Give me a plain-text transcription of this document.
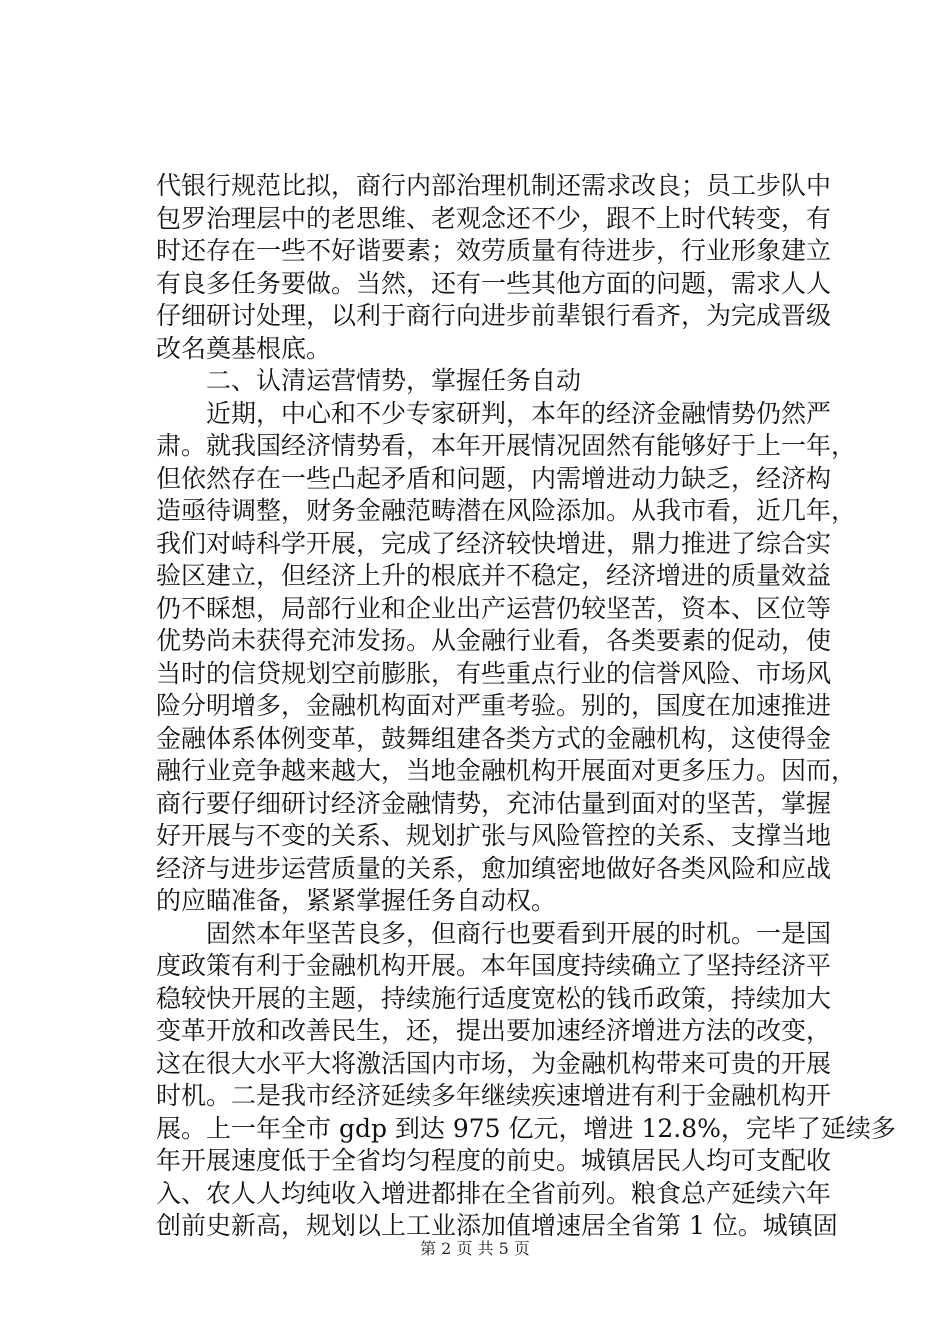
代银行规范比拟，商行内部治理机制还需求改良；员工步队中
包罗治理层中的老思维、老观念还不少，跟不上时代转变，有
时还存在一些不好谐要素；效劳质量有待进步，行业形象建立
有良多任务要做。当然，还有一些其他方面的问题，需求人人
仔细研讨处理，以利于商行向进步前辈银行看齐，为完成晋级
改名奠基根底。
　　二、认清运营情势，掌握任务自动
　　近期，中心和不少专家研判，本年的经济金融情势仍然严
肃。就我国经济情势看，本年开展情况固然有能够好于上一年，
但依然存在一些凸起矛盾和问题，内需增进动力缺乏，经济构
造亟待调整，财务金融范畴潜在风险添加。从我市看，近几年，
我们对峙科学开展，完成了经济较快增进，鼎力推进了综合实
验区建立，但经济上升的根底并不稳定，经济增进的质量效益
仍不睬想，局部行业和企业出产运营仍较坚苦，资本、区位等
优势尚未获得充沛发扬。从金融行业看，各类要素的促动，使
当时的信贷规划空前膨胀，有些重点行业的信誉风险、市场风
险分明增多，金融机构面对严重考验。别的，国度在加速推进
金融体系体例变革，鼓舞组建各类方式的金融机构，这使得金
融行业竞争越来越大，当地金融机构开展面对更多压力。因而，
商行要仔细研讨经济金融情势，充沛估量到面对的坚苦，掌握
好开展与不变的关系、规划扩张与风险管控的关系、支撑当地
经济与进步运营质量的关系，愈加缜密地做好各类风险和应战
的应瞄准备，紧紧掌握任务自动权。
　　固然本年坚苦良多，但商行也要看到开展的时机。一是国
度政策有利于金融机构开展。本年国度持续确立了坚持经济平
稳较快开展的主题，持续施行适度宽松的钱币政策，持续加大
变革开放和改善民生，还，提出要加速经济增进方法的改变，
这在很大水平大将激活国内市场，为金融机构带来可贵的开展
时机。二是我市经济延续多年继续疾速增进有利于金融机构开
展。上一年全市 gdp 到达 975 亿元，增进 12.8%，完毕了延续多
年开展速度低于全省均匀程度的前史。城镇居民人均可支配收
入、农人人均纯收入增进都排在全省前列。粮食总产延续六年
创前史新高，规划以上工业添加值增速居全省第 1 位。城镇固
第 2 页 共 5 页
